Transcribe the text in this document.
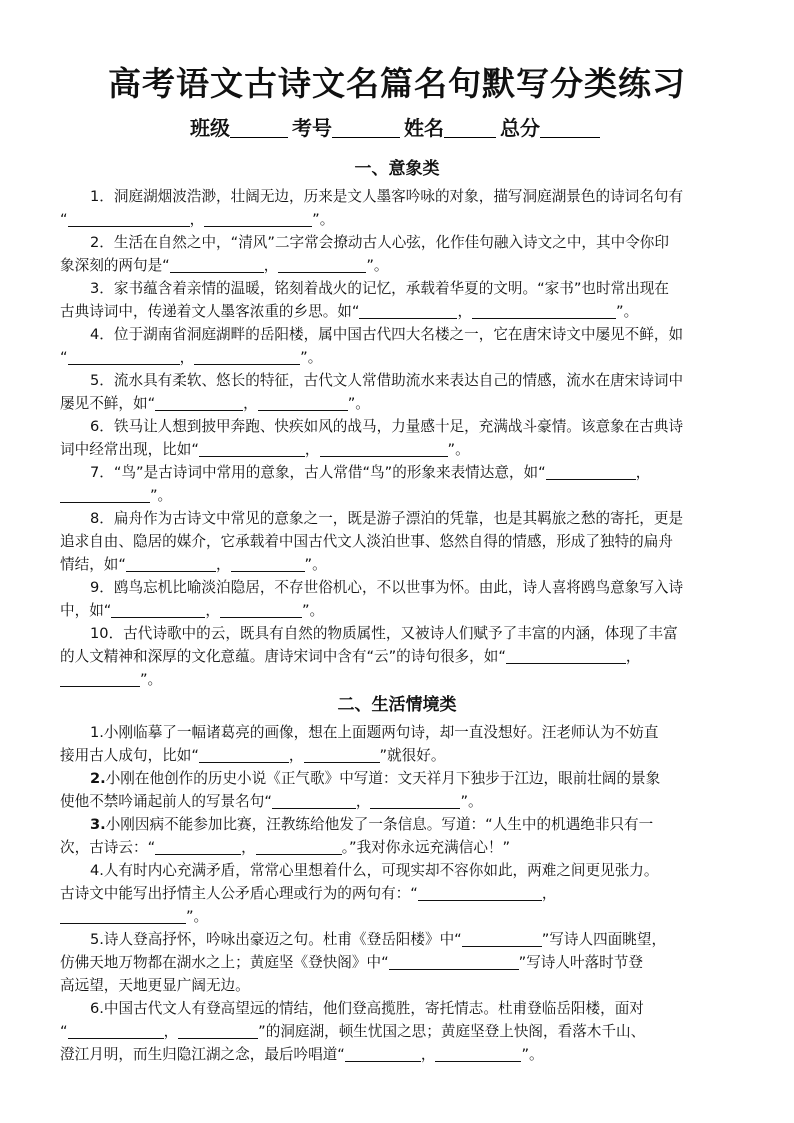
高考语文古诗文名篇名句默写分类练习
班级	考号	姓名	总分
一、意象类
1．洞庭湖烟波浩渺，壮阔无边，历来是文人墨客吟咏的对象，描写洞庭湖景色的诗词名句有
“	，	”。
2．生活在自然之中，“清风”二字常会撩动古人心弦，化作佳句融入诗文之中，其中令你印
象深刻的两句是“	，	”。
3．家书蕴含着亲情的温暖，铭刻着战火的记忆，承载着华夏的文明。“家书”也时常出现在
古典诗词中，传递着文人墨客浓重的乡思。如“	，	”。
4．位于湖南省洞庭湖畔的岳阳楼，属中国古代四大名楼之一，它在唐宋诗文中屡见不鲜，如
“	，	”。
5．流水具有柔软、悠长的特征，古代文人常借助流水来表达自己的情感，流水在唐宋诗词中
屡见不鲜，如“	，	”。
6．铁马让人想到披甲奔跑、快疾如风的战马，力量感十足，充满战斗豪情。该意象在古典诗
词中经常出现，比如“	，	”。
7．“鸟”是古诗词中常用的意象，古人常借“鸟”的形象来表情达意，如“	，
”。
8．扁舟作为古诗文中常见的意象之一，既是游子漂泊的凭靠，也是其羁旅之愁的寄托，更是
追求自由、隐居的媒介，它承载着中国古代文人淡泊世事、悠然自得的情感，形成了独特的扁舟
情结，如“	，	”。
9．鸥鸟忘机比喻淡泊隐居，不存世俗机心，不以世事为怀。由此，诗人喜将鸥鸟意象写入诗
中，如“	，	”。
10．古代诗歌中的云，既具有自然的物质属性，又被诗人们赋予了丰富的内涵，体现了丰富
的人文精神和深厚的文化意蕴。唐诗宋词中含有“云”的诗句很多，如“	，
”。
二、生活情境类
1.小刚临摹了一幅诸葛亮的画像，想在上面题两句诗，却一直没想好。汪老师认为不妨直
接用古人成句，比如“	，	”就很好。
2.小刚在他创作的历史小说《正气歌》中写道：文天祥月下独步于江边，眼前壮阔的景象
使他不禁吟诵起前人的写景名句“	，	”。
3.小刚因病不能参加比赛，汪教练给他发了一条信息。写道：“人生中的机遇绝非只有一
次，古诗云：“	，	。”我对你永远充满信心！”
4.人有时内心充满矛盾，常常心里想着什么，可现实却不容你如此，两难之间更见张力。
古诗文中能写出抒情主人公矛盾心理或行为的两句有：“	，
”。
5.诗人登高抒怀，吟咏出豪迈之句。杜甫《登岳阳楼》中“	”写诗人四面眺望，
仿佛天地万物都在湖水之上；黄庭坚《登快阁》中“	”写诗人叶落时节登
高远望，天地更显广阔无边。
6.中国古代文人有登高望远的情结，他们登高揽胜，寄托情志。杜甫登临岳阳楼，面对
“	，	”的洞庭湖，顿生忧国之思；黄庭坚登上快阁，看落木千山、
澄江月明，而生归隐江湖之念，最后吟唱道“	，	”。
